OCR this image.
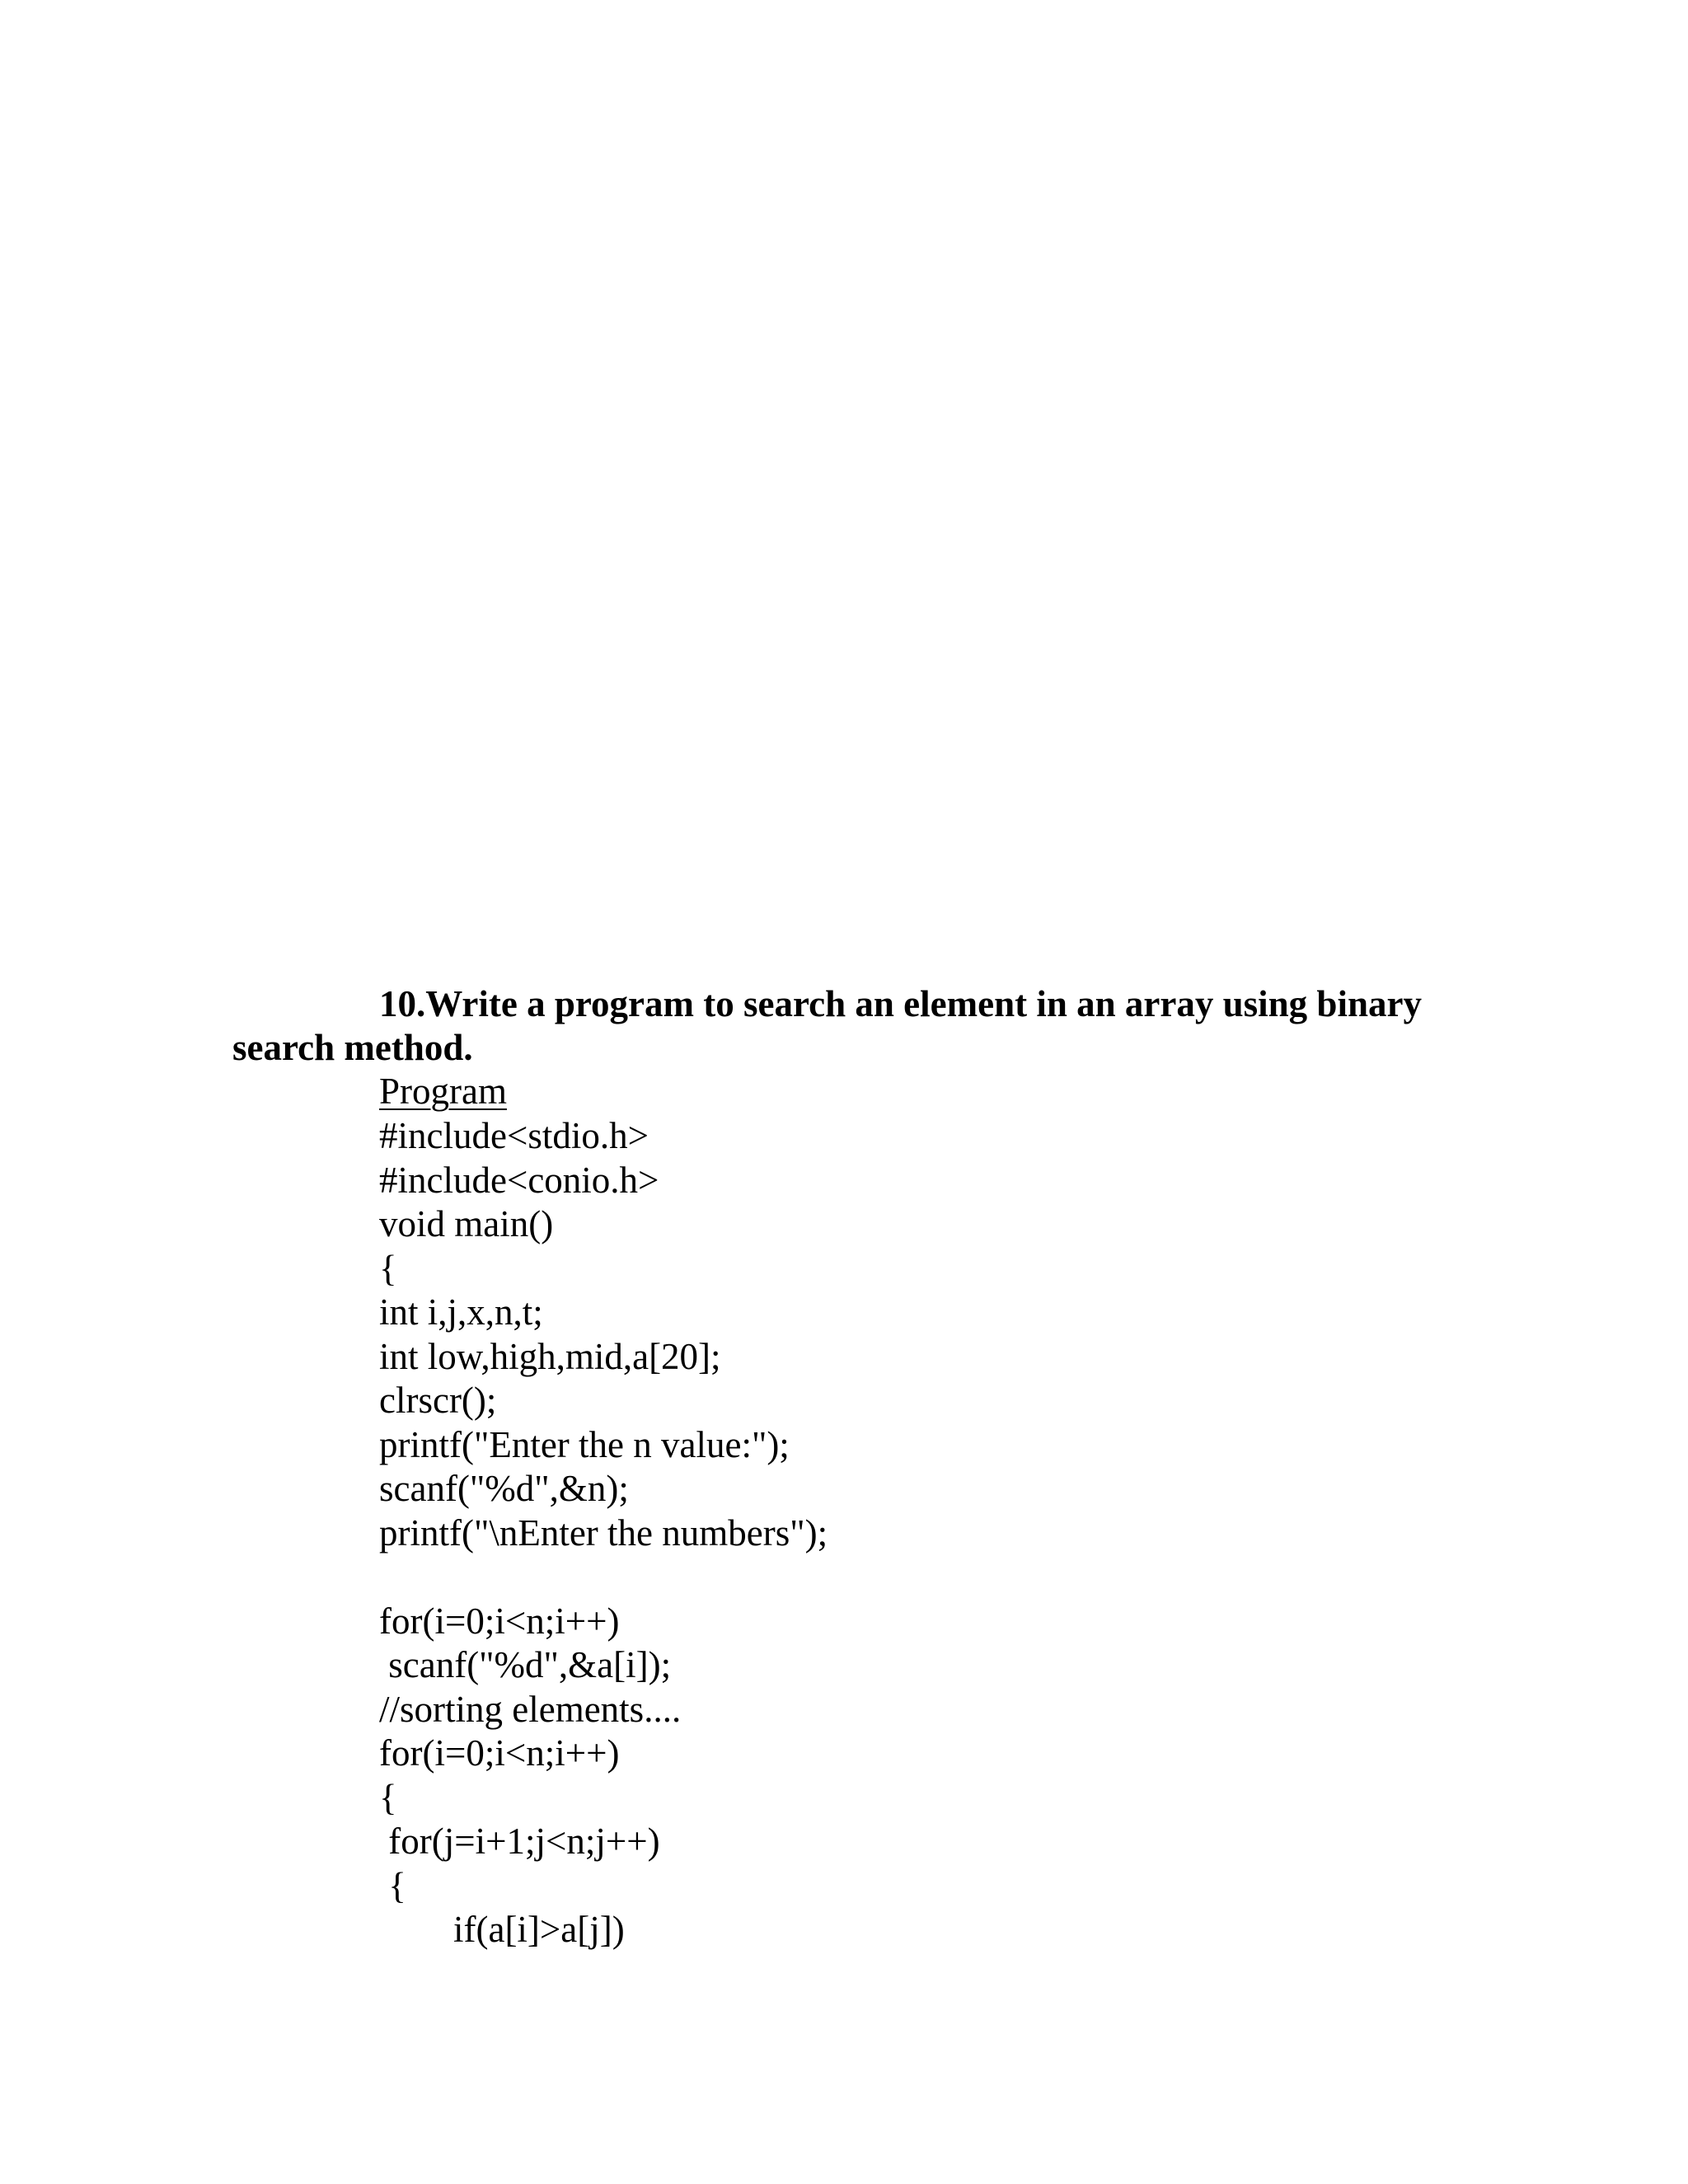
10.Write a program to search an element in an array using binary search method.

Program

#include<stdio.h>
#include<conio.h>
void main()
{
int i,j,x,n,t;
int low,high,mid,a[20];
clrscr();
printf("Enter the n value:");
scanf("%d",&n);
printf("\nEnter the numbers");
for(i=0;i<n;i++)
scanf("%d",&a[i]);
//sorting elements....
for(i=0;i<n;i++)
{
for(j=i+1;j<n;j++)
{
if(a[i]>a[j])
